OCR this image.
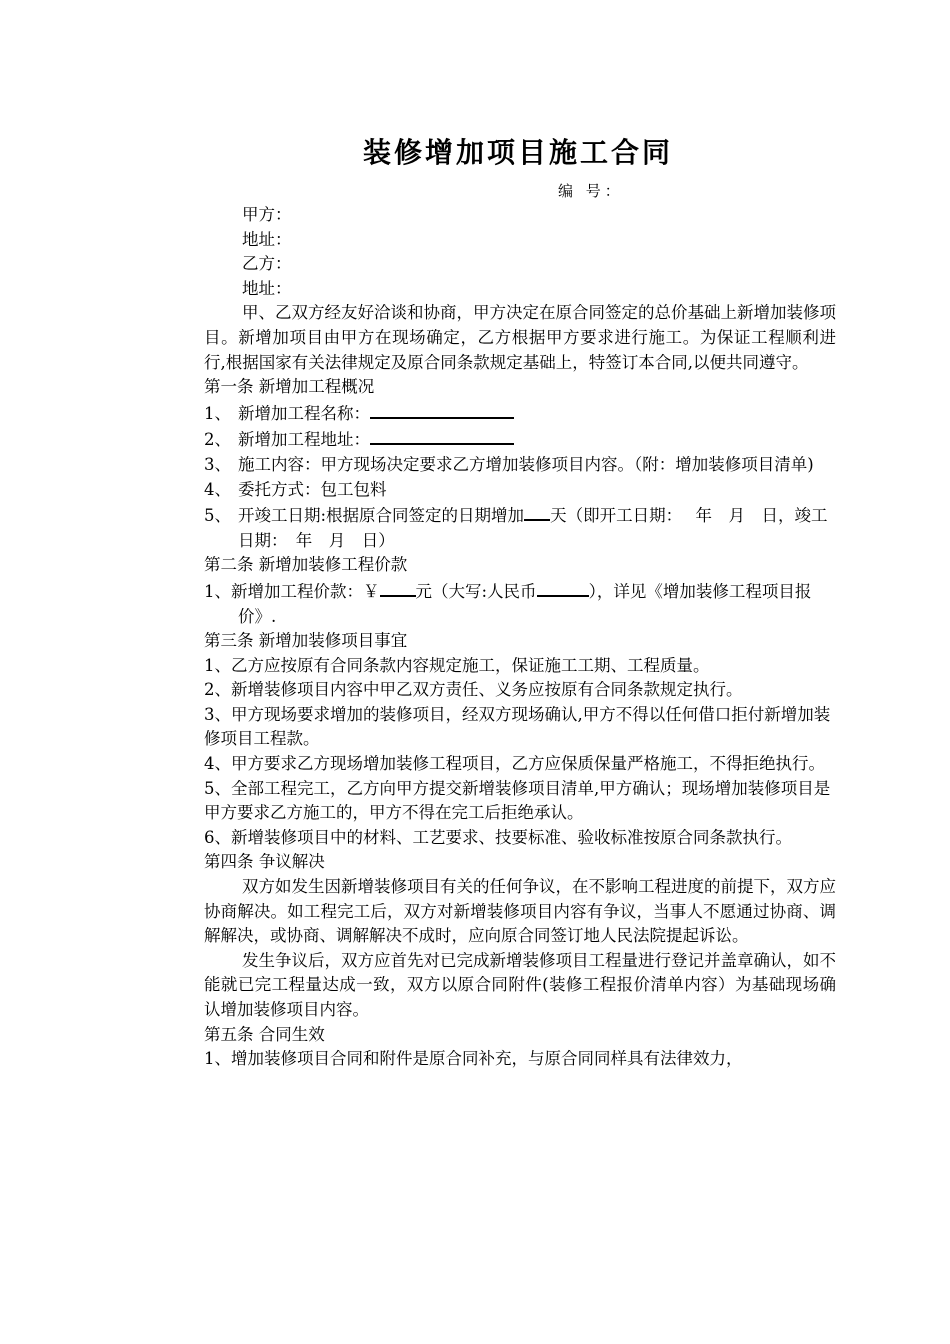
装修增加项目施工合同
编 号：

甲方：

地址：

乙方：

地址：

甲、乙双方经友好洽谈和协商，甲方决定在原合同签定的总价基础上新增加装修项目。新增加项目由甲方在现场确定，乙方根据甲方要求进行施工。为保证工程顺利进行,根据国家有关法律规定及原合同条款规定基础上，特签订本合同,以便共同遵守。

第一条 新增加工程概况

1、 新增加工程名称：

2、 新增加工程地址：

3、 施工内容：甲方现场决定要求乙方增加装修项目内容。（附：增加装修项目清单)

4、 委托方式：包工包料

5、 开竣工日期:根据原合同签定的日期增加 天（即开工日期：　 年　月　日，竣工日期：　年　月　日）

第二条 新增加装修工程价款

1、新增加工程价款：￥ 元（大写:人民币	），详见《增加装修工程项目报价》.

第三条 新增加装修项目事宜

1、乙方应按原有合同条款内容规定施工，保证施工工期、工程质量。

2、新增装修项目内容中甲乙双方责任、义务应按原有合同条款规定执行。

3、甲方现场要求增加的装修项目，经双方现场确认,甲方不得以任何借口拒付新增加装修项目工程款。

4、甲方要求乙方现场增加装修工程项目，乙方应保质保量严格施工，不得拒绝执行。

5、全部工程完工，乙方向甲方提交新增装修项目清单,甲方确认；现场增加装修项目是甲方要求乙方施工的，甲方不得在完工后拒绝承认。

6、新增装修项目中的材料、工艺要求、技要标准、验收标准按原合同条款执行。

第四条 争议解决

双方如发生因新增装修项目有关的任何争议，在不影响工程进度的前提下，双方应协商解决。如工程完工后，双方对新增装修项目内容有争议，当事人不愿通过协商、调解解决，或协商、调解解决不成时，应向原合同签订地人民法院提起诉讼。

发生争议后，双方应首先对已完成新增装修项目工程量进行登记并盖章确认，如不能就已完工程量达成一致，双方以原合同附件(装修工程报价清单内容）为基础现场确认增加装修项目内容。

第五条 合同生效

1、增加装修项目合同和附件是原合同补充，与原合同同样具有法律效力，
